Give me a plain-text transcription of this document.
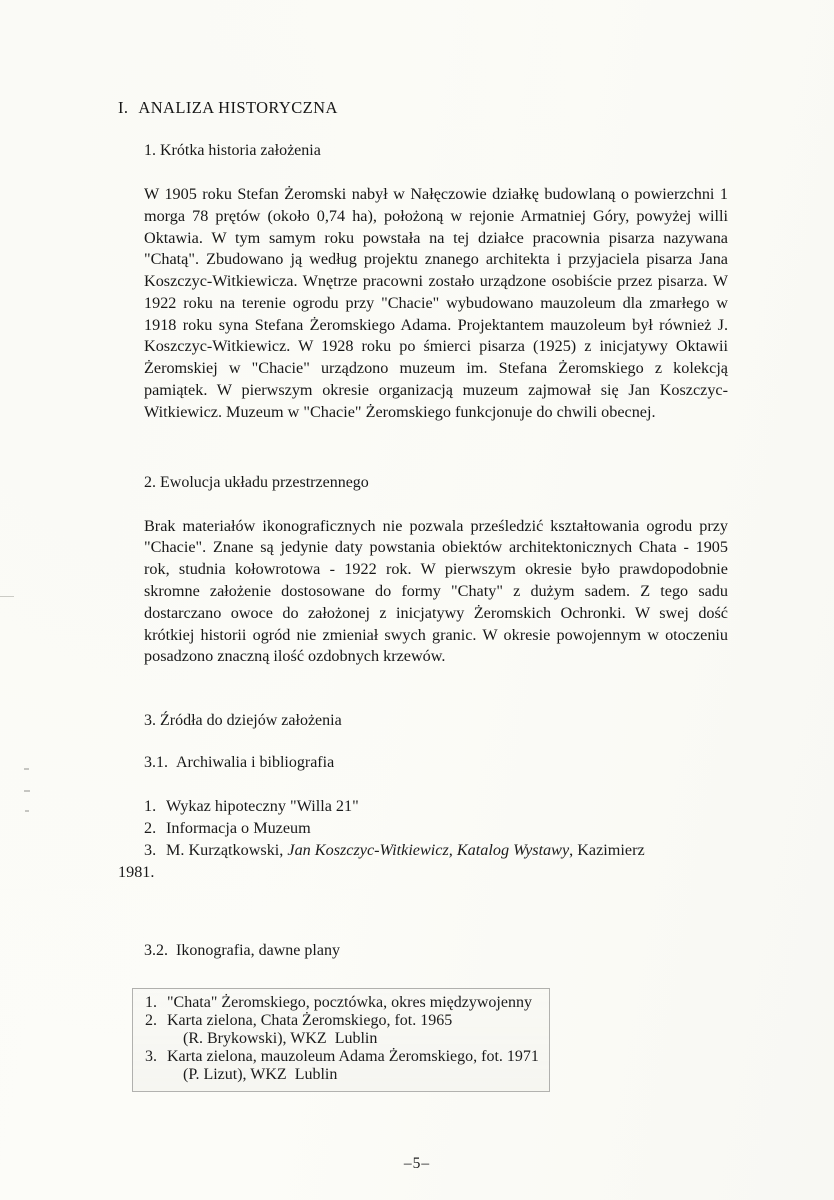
I. ANALIZA HISTORYCZNA
1. Krótka historia założenia

W 1905 roku Stefan Żeromski nabył w Nałęczowie działkę budowlaną o powierzchni 1 morga 78 prętów (około 0,74 ha), położoną w rejonie Armatniej Góry, powyżej willi Oktawia. W tym samym roku powstała na tej działce pracownia pisarza nazywana "Chatą". Zbudowano ją według projektu znanego architekta i przyjaciela pisarza Jana Koszczyc-Witkiewicza. Wnętrze pracowni zostało urządzone osobiście przez pisarza. W 1922 roku na terenie ogrodu przy "Chacie" wybudowano mauzoleum dla zmarłego w 1918 roku syna Stefana Żeromskiego Adama. Projektantem mauzoleum był również J. Koszczyc-Witkiewicz. W 1928 roku po śmierci pisarza (1925) z inicjatywy Oktawii Żeromskiej w "Chacie" urządzono muzeum im. Stefana Żeromskiego z kolekcją pamiątek. W pierwszym okresie organizacją muzeum zajmował się Jan Koszczyc-Witkiewicz. Muzeum w "Chacie" Żeromskiego funkcjonuje do chwili obecnej.

2. Ewolucja układu przestrzennego

Brak materiałów ikonograficznych nie pozwala prześledzić kształtowania ogrodu przy "Chacie". Znane są jedynie daty powstania obiektów architektonicznych Chata - 1905 rok, studnia kołowrotowa - 1922 rok. W pierwszym okresie było prawdopodobnie skromne założenie dostosowane do formy "Chaty" z dużym sadem. Z tego sadu dostarczano owoce do założonej z inicjatywy Żeromskich Ochronki. W swej dość krótkiej historii ogród nie zmieniał swych granic. W okresie powojennym w otoczeniu posadzono znaczną ilość ozdobnych krzewów.

3. Źródła do dziejów założenia
3.1. Archiwalia i bibliografia
1. Wykaz hipoteczny "Willa 21"
2. Informacja o Muzeum
3. M. Kurzątkowski, Jan Koszczyc-Witkiewicz, Katalog Wystawy, Kazimierz
1981.
3.2. Ikonografia, dawne plany
1. "Chata" Żeromskiego, pocztówka, okres międzywojenny
2. Karta zielona, Chata Żeromskiego, fot. 1965
(R. Brykowski), WKZ  Lublin
3. Karta zielona, mauzoleum Adama Żeromskiego, fot. 1971
(P. Lizut), WKZ  Lublin
–5–
